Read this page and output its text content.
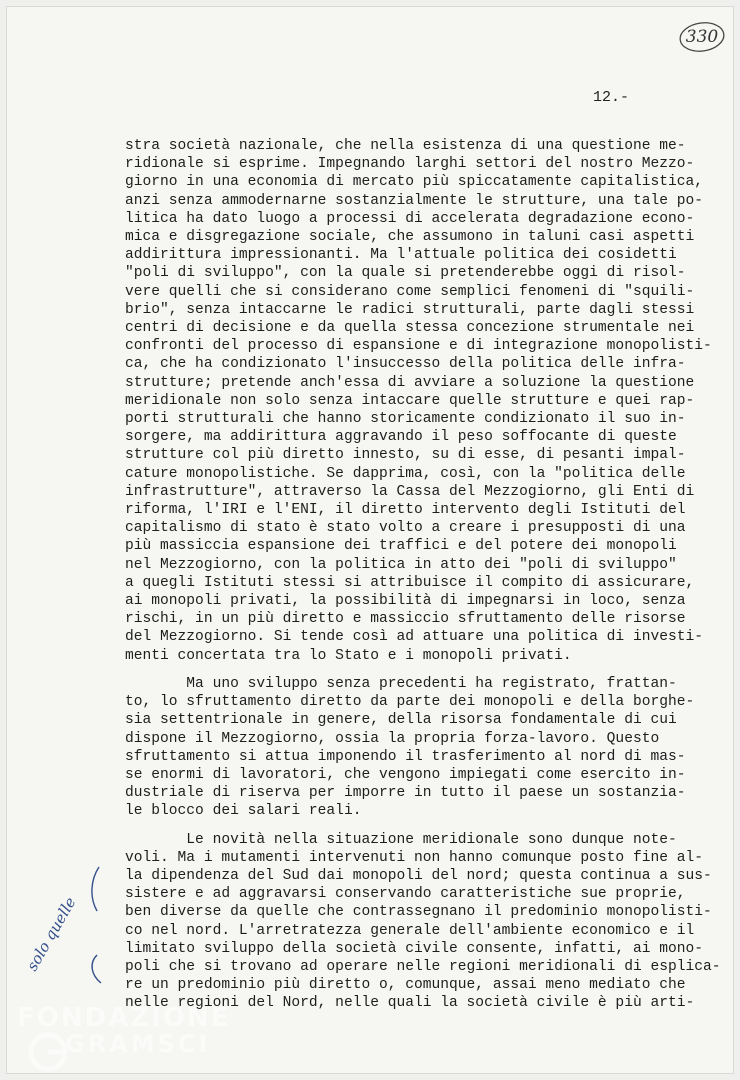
330
12.-
stra società nazionale, che nella esistenza di una questione me-
ridionale si esprime. Impegnando larghi settori del nostro Mezzo-
giorno in una economia di mercato più spiccatamente capitalistica,
anzi senza ammodernarne sostanzialmente le strutture, una tale po-
litica ha dato luogo a processi di accelerata degradazione econo-
mica e disgregazione sociale, che assumono in taluni casi aspetti
addirittura impressionanti. Ma l'attuale politica dei cosidetti
"poli di sviluppo", con la quale si pretenderebbe oggi di risol-
vere quelli che si considerano come semplici fenomeni di "squili-
brio", senza intaccarne le radici strutturali, parte dagli stessi
centri di decisione e da quella stessa concezione strumentale nei
confronti del processo di espansione e di integrazione monopolisti-
ca, che ha condizionato l'insuccesso della politica delle infra-
strutture; pretende anch'essa di avviare a soluzione la questione
meridionale non solo senza intaccare quelle strutture e quei rap-
porti strutturali che hanno storicamente condizionato il suo in-
sorgere, ma addirittura aggravando il peso soffocante di queste
strutture col più diretto innesto, su di esse, di pesanti impal-
cature monopolistiche. Se dapprima, così, con la "politica delle
infrastrutture", attraverso la Cassa del Mezzogiorno, gli Enti di
riforma, l'IRI e l'ENI, il diretto intervento degli Istituti del
capitalismo di stato è stato volto a creare i presupposti di una
più massiccia espansione dei traffici e del potere dei monopoli
nel Mezzogiorno, con la politica in atto dei "poli di sviluppo"
a quegli Istituti stessi si attribuisce il compito di assicurare,
ai monopoli privati, la possibilità di impegnarsi in loco, senza
rischi, in un più diretto e massiccio sfruttamento delle risorse
del Mezzogiorno. Si tende così ad attuare una politica di investi-
menti concertata tra lo Stato e i monopoli privati.
Ma uno sviluppo senza precedenti ha registrato, frattan-
to, lo sfruttamento diretto da parte dei monopoli e della borghe-
sia settentrionale in genere, della risorsa fondamentale di cui
dispone il Mezzogiorno, ossia la propria forza-lavoro. Questo
sfruttamento si attua imponendo il trasferimento al nord di mas-
se enormi di lavoratori, che vengono impiegati come esercito in-
dustriale di riserva per imporre in tutto il paese un sostanzia-
le blocco dei salari reali.
Le novità nella situazione meridionale sono dunque note-
voli. Ma i mutamenti intervenuti non hanno comunque posto fine al-
la dipendenza del Sud dai monopoli del nord; questa continua a sus-
sistere e ad aggravarsi conservando caratteristiche sue proprie,
ben diverse da quelle che contrassegnano il predominio monopolisti-
co nel nord. L'arretratezza generale dell'ambiente economico e il
limitato sviluppo della società civile consente, infatti, ai mono-
poli che si trovano ad operare nelle regioni meridionali di esplica-
re un predominio più diretto o, comunque, assai meno mediato che
nelle regioni del Nord, nelle quali la società civile è più arti-
solo quelle
FONDAZIONE
GRAMSCI
